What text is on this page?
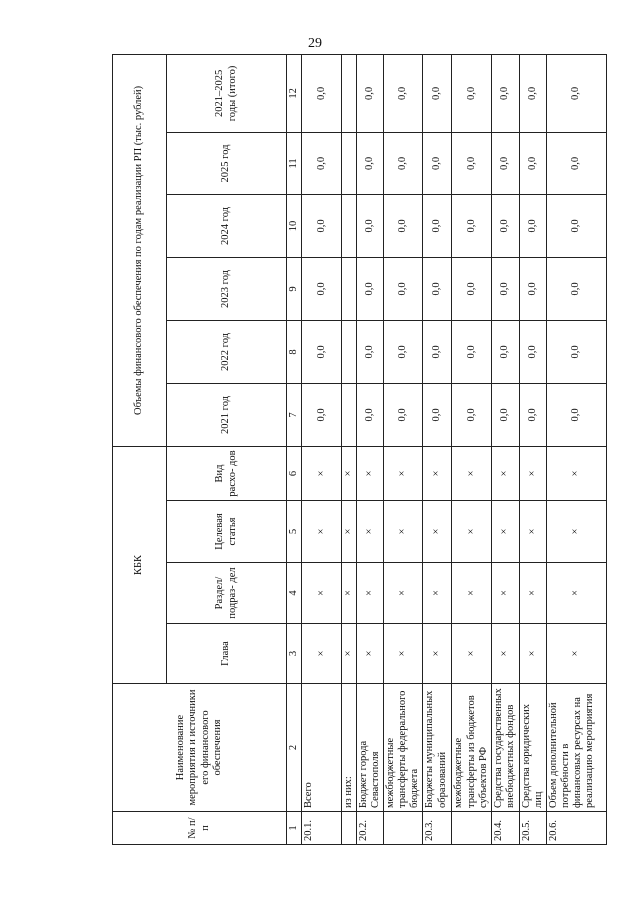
29
№ п/п	Наименование мероприятия и источники его финансового обеспечения	КБК				Объемы финансового обеспечения по годам реализации РП (тыс. рублей)					
		Глава	Раздел/ подраз- дел	Целевая статья	Вид расхо- дов	2021 год	2022 год	2023 год	2024 год	2025 год	2021–2025 годы (итого)
1	2	3	4	5	6	7	8	9	10	11	12
20.1.	Всего	×	×	×	×	0,0	0,0	0,0	0,0	0,0	0,0
	из них:	×	×	×	×						
20.2.	Бюджет города Севастополя	×	×	×	×	0,0	0,0	0,0	0,0	0,0	0,0
	межбюджетные трансферты федерального бюджета	×	×	×	×	0,0	0,0	0,0	0,0	0,0	0,0
20.3.	Бюджеты муниципальных образований	×	×	×	×	0,0	0,0	0,0	0,0	0,0	0,0
	межбюджетные трансферты из бюджетов субъектов РФ	×	×	×	×	0,0	0,0	0,0	0,0	0,0	0,0
20.4.	Средства государственных внебюджетных фондов	×	×	×	×	0,0	0,0	0,0	0,0	0,0	0,0
20.5.	Средства юридических лиц	×	×	×	×	0,0	0,0	0,0	0,0	0,0	0,0
20.6.	Объем дополнительной потребности в финансовых ресурсах на реализацию мероприятия	×	×	×	×	0,0	0,0	0,0	0,0	0,0	0,0
